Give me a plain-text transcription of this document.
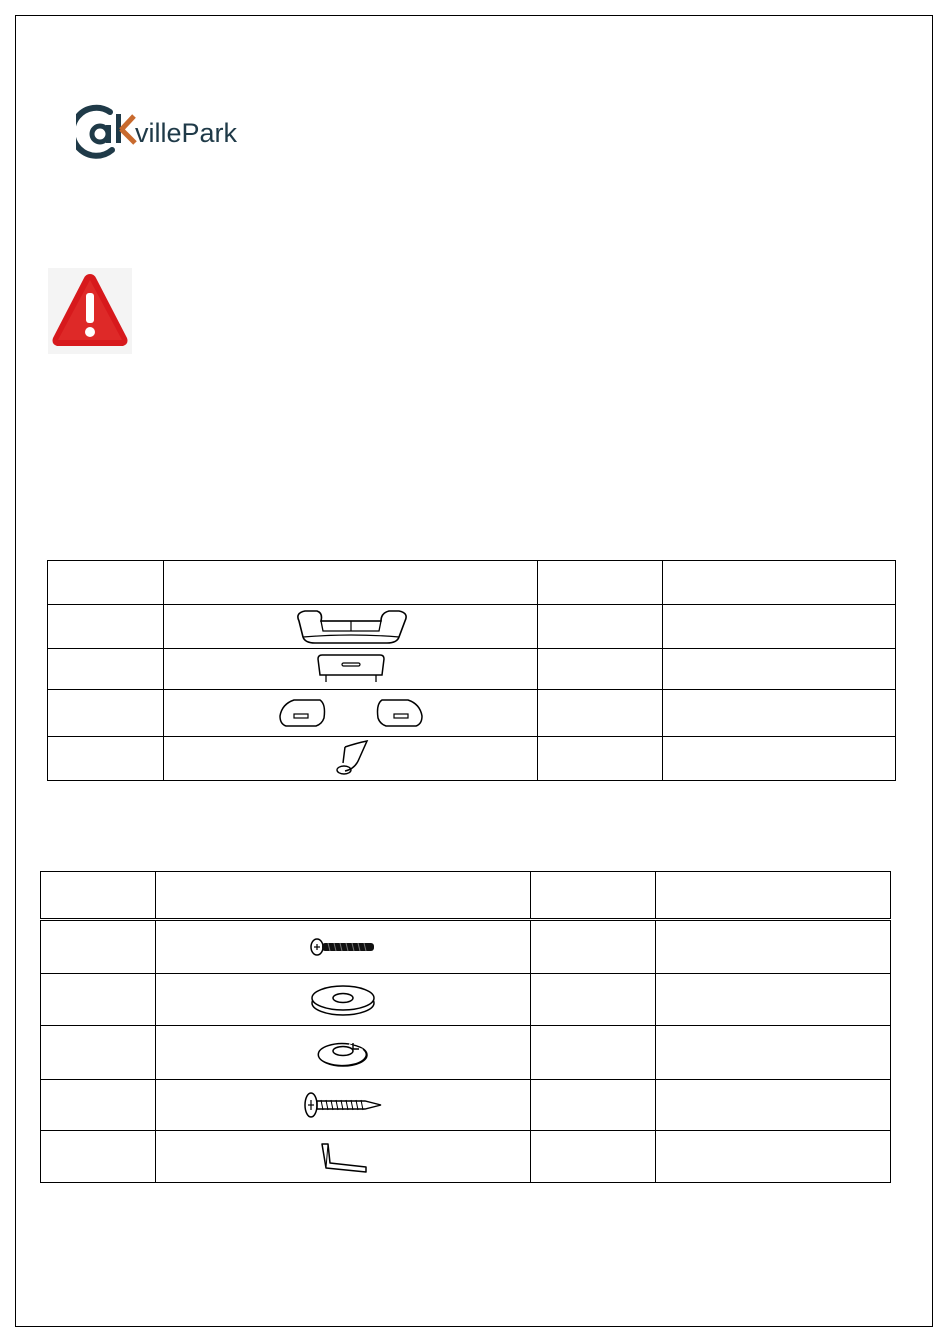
villePark
